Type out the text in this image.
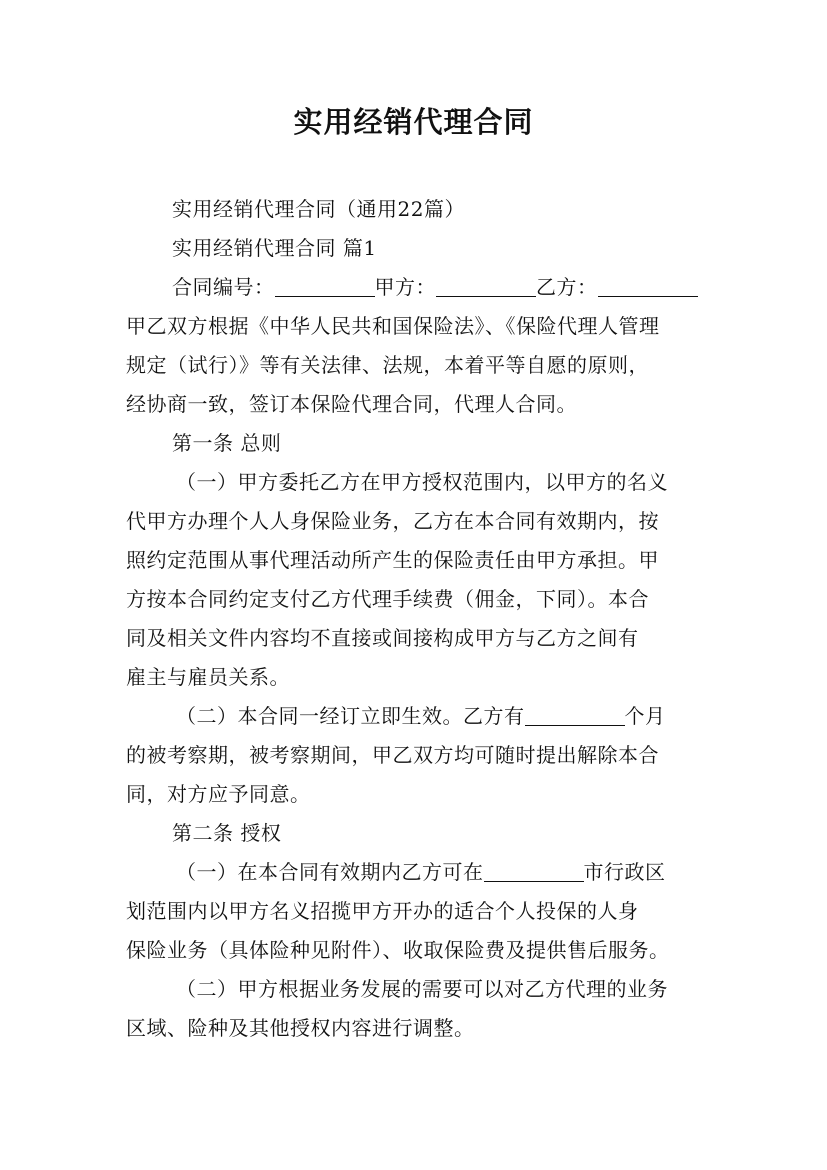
实用经销代理合同
实用经销代理合同（通用22篇）
实用经销代理合同 篇1
合同编号：	甲方：	乙方：
甲乙双方根据《中华人民共和国保险法》、《保险代理人管理
规定（试行）》等有关法律、法规，本着平等自愿的原则，
经协商一致，签订本保险代理合同，代理人合同。
第一条 总则
（一）甲方委托乙方在甲方授权范围内，以甲方的名义
代甲方办理个人人身保险业务，乙方在本合同有效期内，按
照约定范围从事代理活动所产生的保险责任由甲方承担。甲
方按本合同约定支付乙方代理手续费（佣金，下同）。本合
同及相关文件内容均不直接或间接构成甲方与乙方之间有
雇主与雇员关系。
（二）本合同一经订立即生效。乙方有	个月
的被考察期，被考察期间，甲乙双方均可随时提出解除本合
同，对方应予同意。
第二条 授权
（一）在本合同有效期内乙方可在	市行政区
划范围内以甲方名义招揽甲方开办的适合个人投保的人身
保险业务（具体险种见附件）、收取保险费及提供售后服务。
（二）甲方根据业务发展的需要可以对乙方代理的业务
区域、险种及其他授权内容进行调整。
